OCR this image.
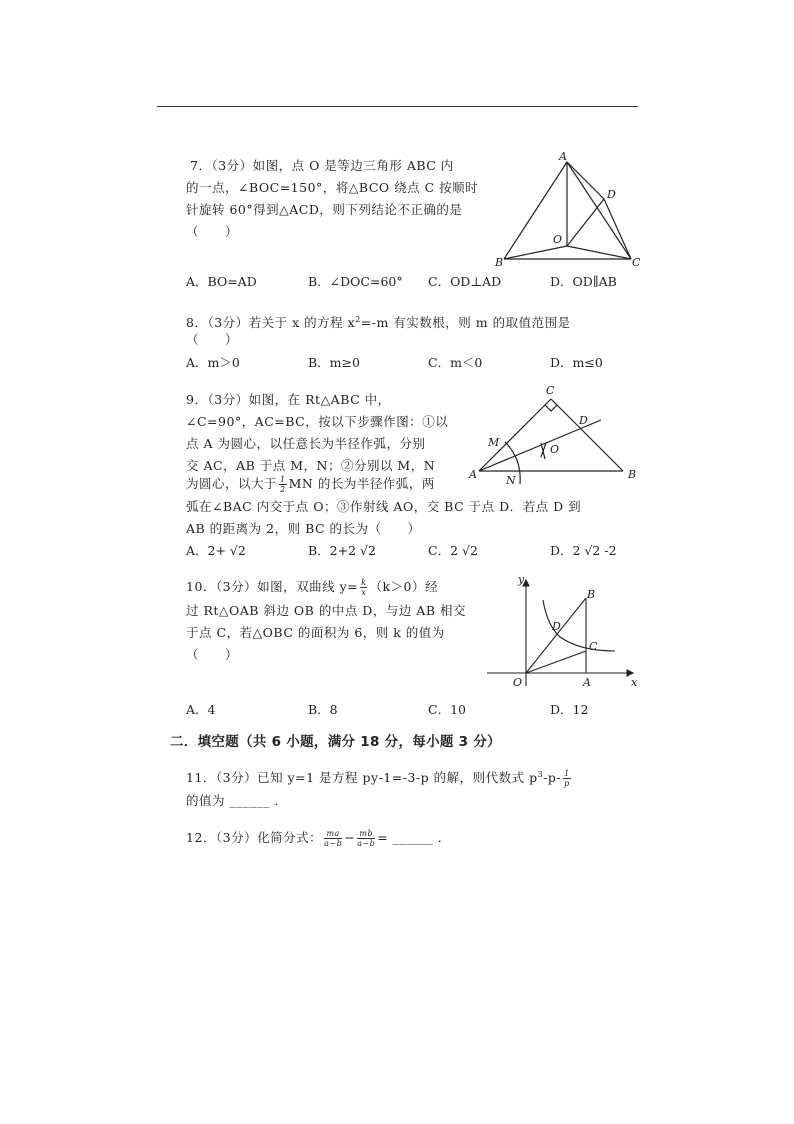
7．（3分）如图，点 O 是等边三角形 ABC 内
的一点，∠BOC=150°，将△BCO 绕点 C 按顺时
针旋转 60°得到△ACD，则下列结论不正确的是
（　　）
A
B	C
D
O
A．BO=AD	B．∠DOC=60° C．OD⊥AD	D．OD∥AB
8．（3分）若关于 x 的方程 $x^2=-m$ 有实数根，则 m 的取值范围是
（　　）
A．m＞0	B．m≥0	C．m＜0	D．m≤0
9．（3分）如图，在 Rt△ABC 中，
∠C=90°，AC=BC，按以下步骤作图：①以
点 A 为圆心，以任意长为半径作弧，分别
交 AC，AB 于点 M，N；②分别以 M，N
为圆心，以大于 $\frac{1}{2}$ MN 的长为半径作弧，两
弧在∠BAC 内交于点 O；③作射线 AO，交 BC 于点 D．若点 D 到
AB 的距离为 2，则 BC 的长为（　　）
A	B
C
D
O
M
N
A．2+ √2	B．2+2 √2	C．2 √2	D．2 √2 -2
10．（3分）如图，双曲线 $y= \frac{k}{x} (k>0)$经
过 Rt△OAB 斜边 OB 的中点 D，与边 AB 相交
于点 C，若△OBC 的面积为 6，则 k 的值为
（　　）
y
x
O	A
B
C
D
A．4	B．8	C．10	D．12
二．填空题（共 6 小题，满分 18 分，每小题 3 分）
11．（3分）已知 y=1 是方程 py-1=-3-p 的解，则代数式 $p^3-p- \frac{1}{p}$
的值为 ______ ．
12．（3分）化简分式： $\frac{ma}{a-b} - \frac{mb}{a-b}$ = ______ ．
